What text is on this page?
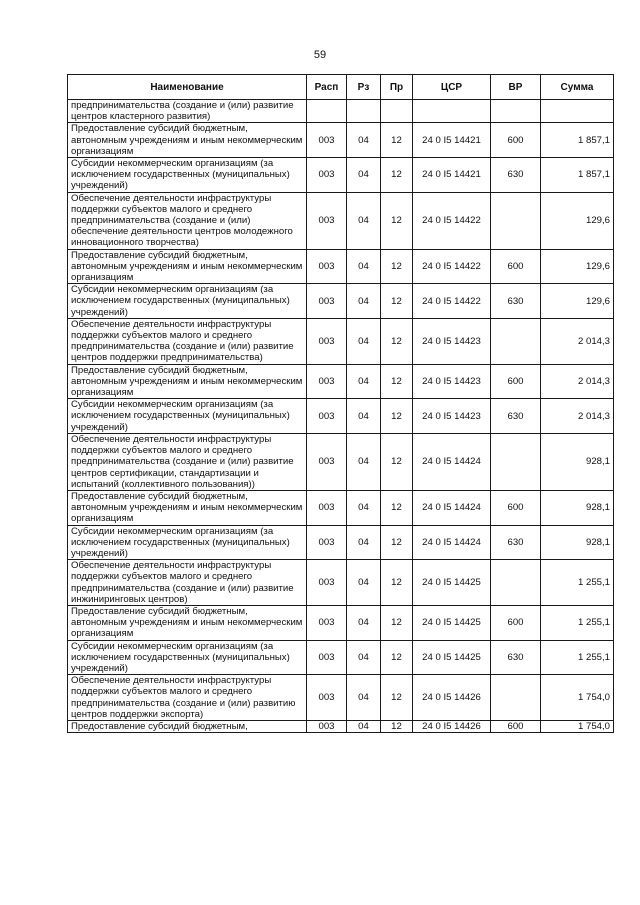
59
Наименование	Расп	Рз	Пр	ЦСР	ВР	Сумма
предпринимательства (создание и (или) развитие центров кластерного развития)						
Предоставление субсидий бюджетным, автономным учреждениям и иным некоммерческим организациям	003	04	12	24 0 I5 14421	600	1 857,1
Субсидии некоммерческим организациям (за исключением государственных (муниципальных) учреждений)	003	04	12	24 0 I5 14421	630	1 857,1
Обеспечение деятельности инфраструктуры поддержки субъектов малого и среднего предпринимательства (создание и (или) обеспечение деятельности центров молодежного инновационного творчества)	003	04	12	24 0 I5 14422		129,6
Предоставление субсидий бюджетным, автономным учреждениям и иным некоммерческим организациям	003	04	12	24 0 I5 14422	600	129,6
Субсидии некоммерческим организациям (за исключением государственных (муниципальных) учреждений)	003	04	12	24 0 I5 14422	630	129,6
Обеспечение деятельности инфраструктуры поддержки субъектов малого и среднего предпринимательства (создание и (или) развитие центров поддержки предпринимательства)	003	04	12	24 0 I5 14423		2 014,3
Предоставление субсидий бюджетным, автономным учреждениям и иным некоммерческим организациям	003	04	12	24 0 I5 14423	600	2 014,3
Субсидии некоммерческим организациям (за исключением государственных (муниципальных) учреждений)	003	04	12	24 0 I5 14423	630	2 014,3
Обеспечение деятельности инфраструктуры поддержки субъектов малого и среднего предпринимательства (создание и (или) развитие центров сертификации, стандартизации и испытаний (коллективного пользования))	003	04	12	24 0 I5 14424		928,1
Предоставление субсидий бюджетным, автономным учреждениям и иным некоммерческим организациям	003	04	12	24 0 I5 14424	600	928,1
Субсидии некоммерческим организациям (за исключением государственных (муниципальных) учреждений)	003	04	12	24 0 I5 14424	630	928,1
Обеспечение деятельности инфраструктуры поддержки субъектов малого и среднего предпринимательства (создание и (или) развитие инжиниринговых центров)	003	04	12	24 0 I5 14425		1 255,1
Предоставление субсидий бюджетным, автономным учреждениям и иным некоммерческим организациям	003	04	12	24 0 I5 14425	600	1 255,1
Субсидии некоммерческим организациям (за исключением государственных (муниципальных) учреждений)	003	04	12	24 0 I5 14425	630	1 255,1
Обеспечение деятельности инфраструктуры поддержки субъектов малого и среднего предпринимательства (создание и (или) развитию центров поддержки экспорта)	003	04	12	24 0 I5 14426		1 754,0
Предоставление субсидий бюджетным,	003	04	12	24 0 I5 14426	600	1 754,0
